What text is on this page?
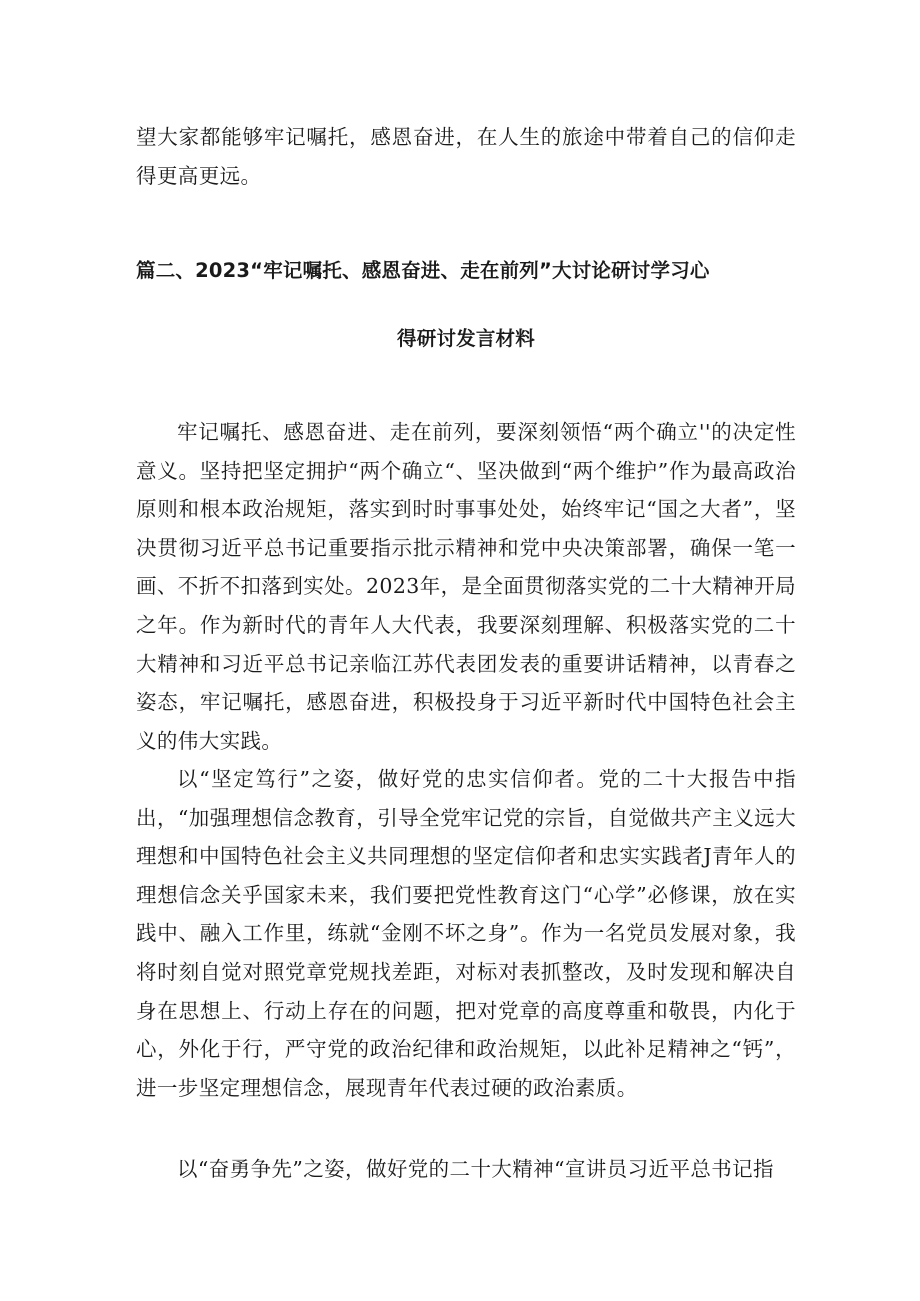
望大家都能够牢记嘱托，感恩奋进，在人生的旅途中带着自己的信仰走得更高更远。

篇二、2023“牢记嘱托、感恩奋进、走在前列”大讨论研讨学习心
得研讨发言材料

牢记嘱托、感恩奋进、走在前列，要深刻领悟“两个确立''的决定性意义。坚持把坚定拥护“两个确立“、坚决做到“两个维护”作为最高政治原则和根本政治规矩，落实到时时事事处处，始终牢记“国之大者”，坚决贯彻习近平总书记重要指示批示精神和党中央决策部署，确保一笔一画、不折不扣落到实处。2023年，是全面贯彻落实党的二十大精神开局之年。作为新时代的青年人大代表，我要深刻理解、积极落实党的二十大精神和习近平总书记亲临江苏代表团发表的重要讲话精神，以青春之姿态，牢记嘱托，感恩奋进，积极投身于习近平新时代中国特色社会主义的伟大实践。

以“坚定笃行”之姿，做好党的忠实信仰者。党的二十大报告中指出，“加强理想信念教育，引导全党牢记党的宗旨，自觉做共产主义远大理想和中国特色社会主义共同理想的坚定信仰者和忠实实践者J青年人的理想信念关乎国家未来，我们要把党性教育这门“心学”必修课，放在实践中、融入工作里，练就“金刚不坏之身”。作为一名党员发展对象，我将时刻自觉对照党章党规找差距，对标对表抓整改，及时发现和解决自身在思想上、行动上存在的问题，把对党章的高度尊重和敬畏，内化于心，外化于行，严守党的政治纪律和政治规矩，以此补足精神之“钙”，进一步坚定理想信念，展现青年代表过硬的政治素质。

以“奋勇争先”之姿，做好党的二十大精神“宣讲员习近平总书记指
